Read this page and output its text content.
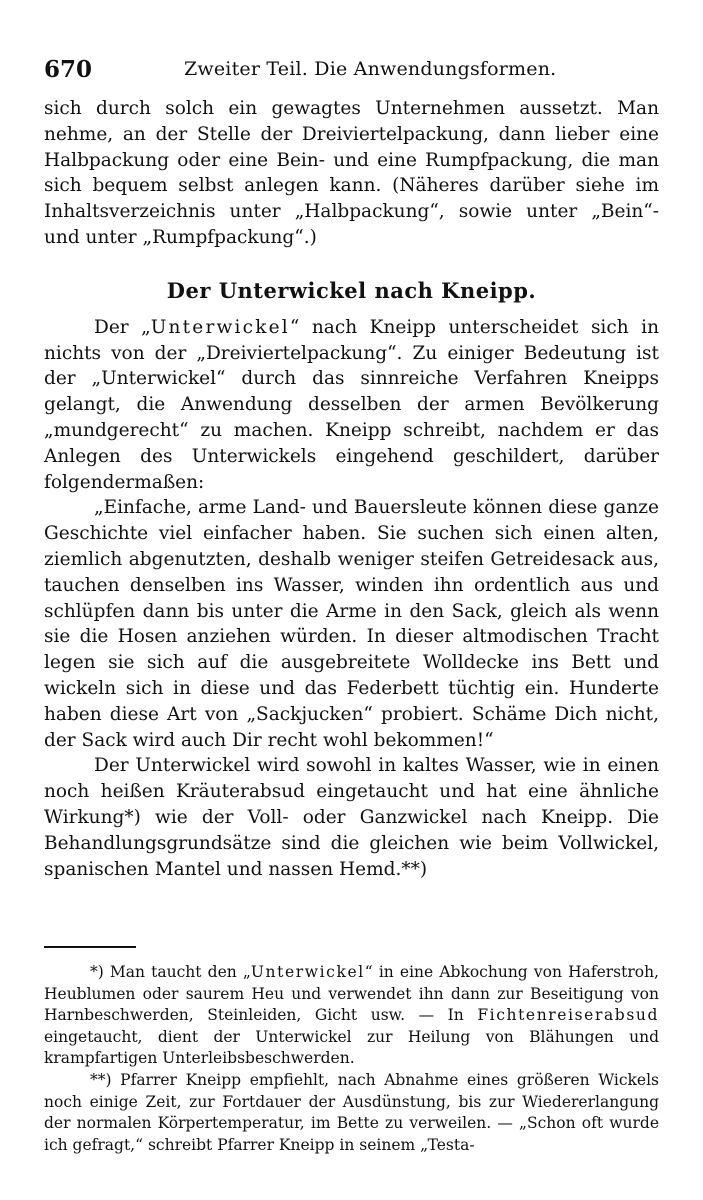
670	Zweiter Teil. Die Anwendungsformen.

sich durch solch ein gewagtes Unternehmen aussetzt. Man nehme, an der Stelle der Dreiviertelpackung, dann lieber eine Halbpackung oder eine Bein- und eine Rumpfpackung, die man sich bequem selbst anlegen kann. (Näheres darüber siehe im Inhaltsverzeichnis unter „Halbpackung“, sowie unter „Bein“- und unter „Rumpfpackung“.)

Der Unterwickel nach Kneipp.

Der „Unterwickel“ nach Kneipp unterscheidet sich in nichts von der „Dreiviertelpackung“. Zu einiger Bedeutung ist der „Unterwickel“ durch das sinnreiche Verfahren Kneipps gelangt, die Anwendung desselben der armen Bevölkerung „mundgerecht“ zu machen. Kneipp schreibt, nachdem er das Anlegen des Unterwickels eingehend geschildert, darüber folgendermaßen:

„Einfache, arme Land- und Bauersleute können diese ganze Geschichte viel einfacher haben. Sie suchen sich einen alten, ziemlich abgenutzten, deshalb weniger steifen Getreidesack aus, tauchen denselben ins Wasser, winden ihn ordentlich aus und schlüpfen dann bis unter die Arme in den Sack, gleich als wenn sie die Hosen anziehen würden. In dieser altmodischen Tracht legen sie sich auf die ausgebreitete Wolldecke ins Bett und wickeln sich in diese und das Federbett tüchtig ein. Hunderte haben diese Art von „Sackjucken“ probiert. Schäme Dich nicht, der Sack wird auch Dir recht wohl bekommen!“

Der Unterwickel wird sowohl in kaltes Wasser, wie in einen noch heißen Kräuterabsud eingetaucht und hat eine ähnliche Wirkung*) wie der Voll- oder Ganzwickel nach Kneipp. Die Behandlungsgrundsätze sind die gleichen wie beim Vollwickel, spanischen Mantel und nassen Hemd.**)

*) Man taucht den „Unterwickel“ in eine Abkochung von Haferstroh, Heublumen oder saurem Heu und verwendet ihn dann zur Beseitigung von Harnbeschwerden, Steinleiden, Gicht usw. — In Fichtenreiserabsud eingetaucht, dient der Unterwickel zur Heilung von Blähungen und krampfartigen Unterleibsbeschwerden.

**) Pfarrer Kneipp empfiehlt, nach Abnahme eines größeren Wickels noch einige Zeit, zur Fortdauer der Ausdünstung, bis zur Wiedererlangung der normalen Körpertemperatur, im Bette zu verweilen. — „Schon oft wurde ich gefragt,“ schreibt Pfarrer Kneipp in seinem „Testa-
